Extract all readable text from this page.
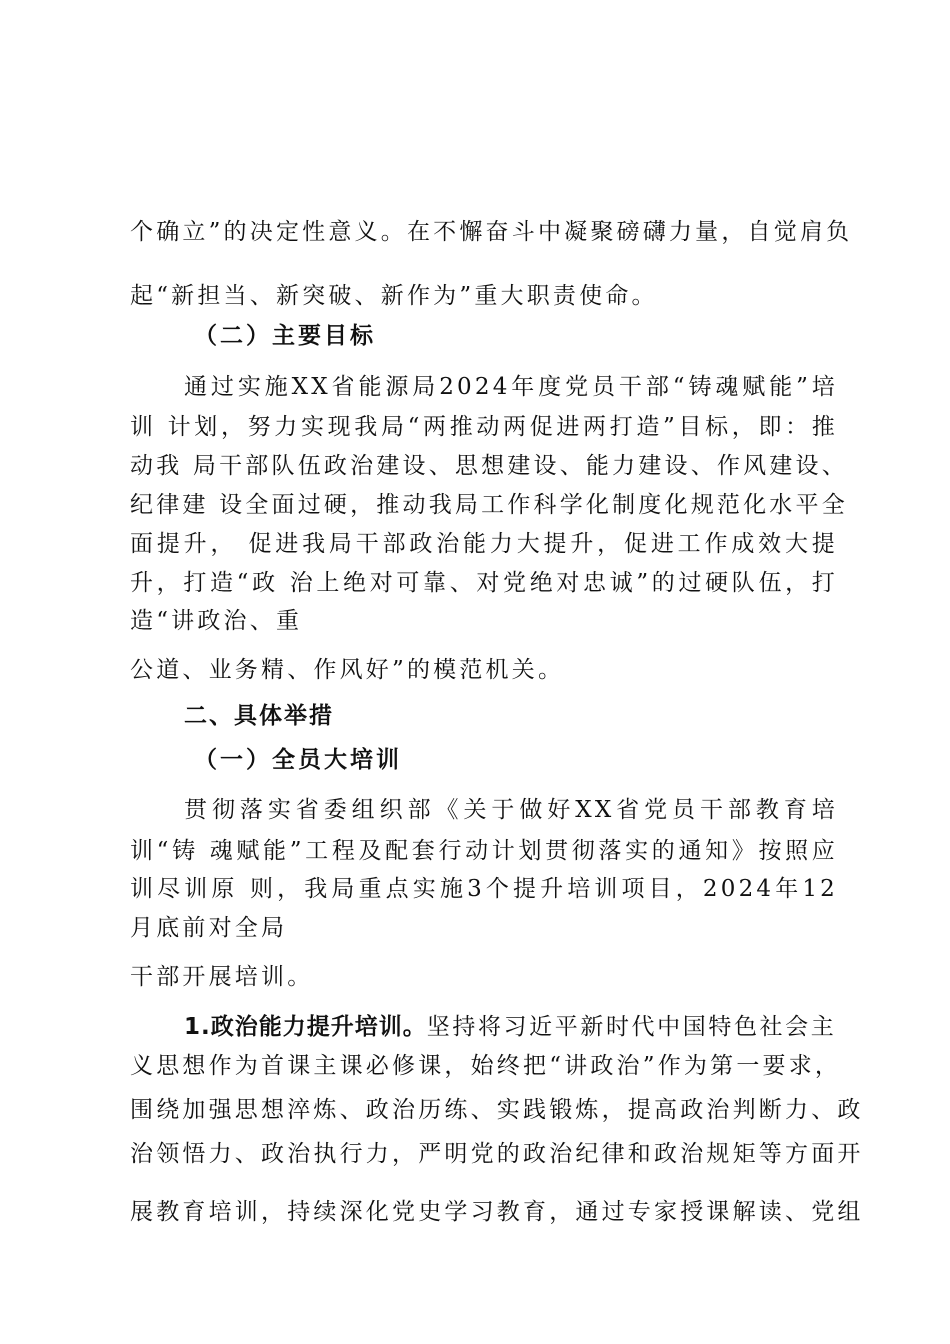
个确立”的决定性意义。在不懈奋斗中凝聚磅礴力量，自觉肩负
起“新担当、新突破、新作为”重大职责使命。
（二）主要目标
通过实施XX省能源局2024年度党员干部“铸魂赋能”培
训 计划，努力实现我局“两推动两促进两打造”目标，即：推
动我 局干部队伍政治建设、思想建设、能力建设、作风建设、
纪律建 设全面过硬，推动我局工作科学化制度化规范化水平全
面提升， 促进我局干部政治能力大提升，促进工作成效大提
升，打造“政 治上绝对可靠、对党绝对忠诚”的过硬队伍，打
造“讲政治、重
公道、业务精、作风好”的模范机关。
二、具体举措
（一）全员大培训
贯彻落实省委组织部《关于做好XX省党员干部教育培
训“铸 魂赋能”工程及配套行动计划贯彻落实的通知》按照应
训尽训原 则，我局重点实施3个提升培训项目，2024年12
月底前对全局
干部开展培训。
1.政治能力提升培训。坚持将习近平新时代中国特色社会主
义思想作为首课主课必修课，始终把“讲政治”作为第一要求，
围绕加强思想淬炼、政治历练、实践锻炼，提高政治判断力、政
治领悟力、政治执行力，严明党的政治纪律和政治规矩等方面开
展教育培训，持续深化党史学习教育，通过专家授课解读、党组
